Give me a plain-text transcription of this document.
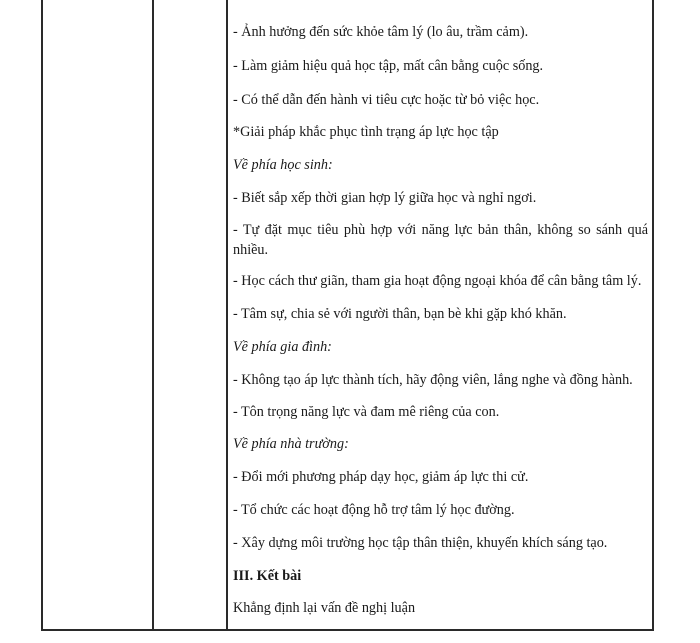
- Ảnh hưởng đến sức khỏe tâm lý (lo âu, trầm cảm).
- Làm giảm hiệu quả học tập, mất cân bằng cuộc sống.
- Có thể dẫn đến hành vi tiêu cực hoặc từ bỏ việc học.
*Giải pháp khắc phục tình trạng áp lực học tập
Về phía học sinh:
- Biết sắp xếp thời gian hợp lý giữa học và nghỉ ngơi.
- Tự đặt mục tiêu phù hợp với năng lực bản thân, không so sánh quá nhiều.
- Học cách thư giãn, tham gia hoạt động ngoại khóa để cân bằng tâm lý.
- Tâm sự, chia sẻ với người thân, bạn bè khi gặp khó khăn.
Về phía gia đình:
- Không tạo áp lực thành tích, hãy động viên, lắng nghe và đồng hành.
- Tôn trọng năng lực và đam mê riêng của con.
Về phía nhà trường:
- Đổi mới phương pháp dạy học, giảm áp lực thi cử.
- Tổ chức các hoạt động hỗ trợ tâm lý học đường.
- Xây dựng môi trường học tập thân thiện, khuyến khích sáng tạo.
III. Kết bài
Khẳng định lại vấn đề nghị luận
